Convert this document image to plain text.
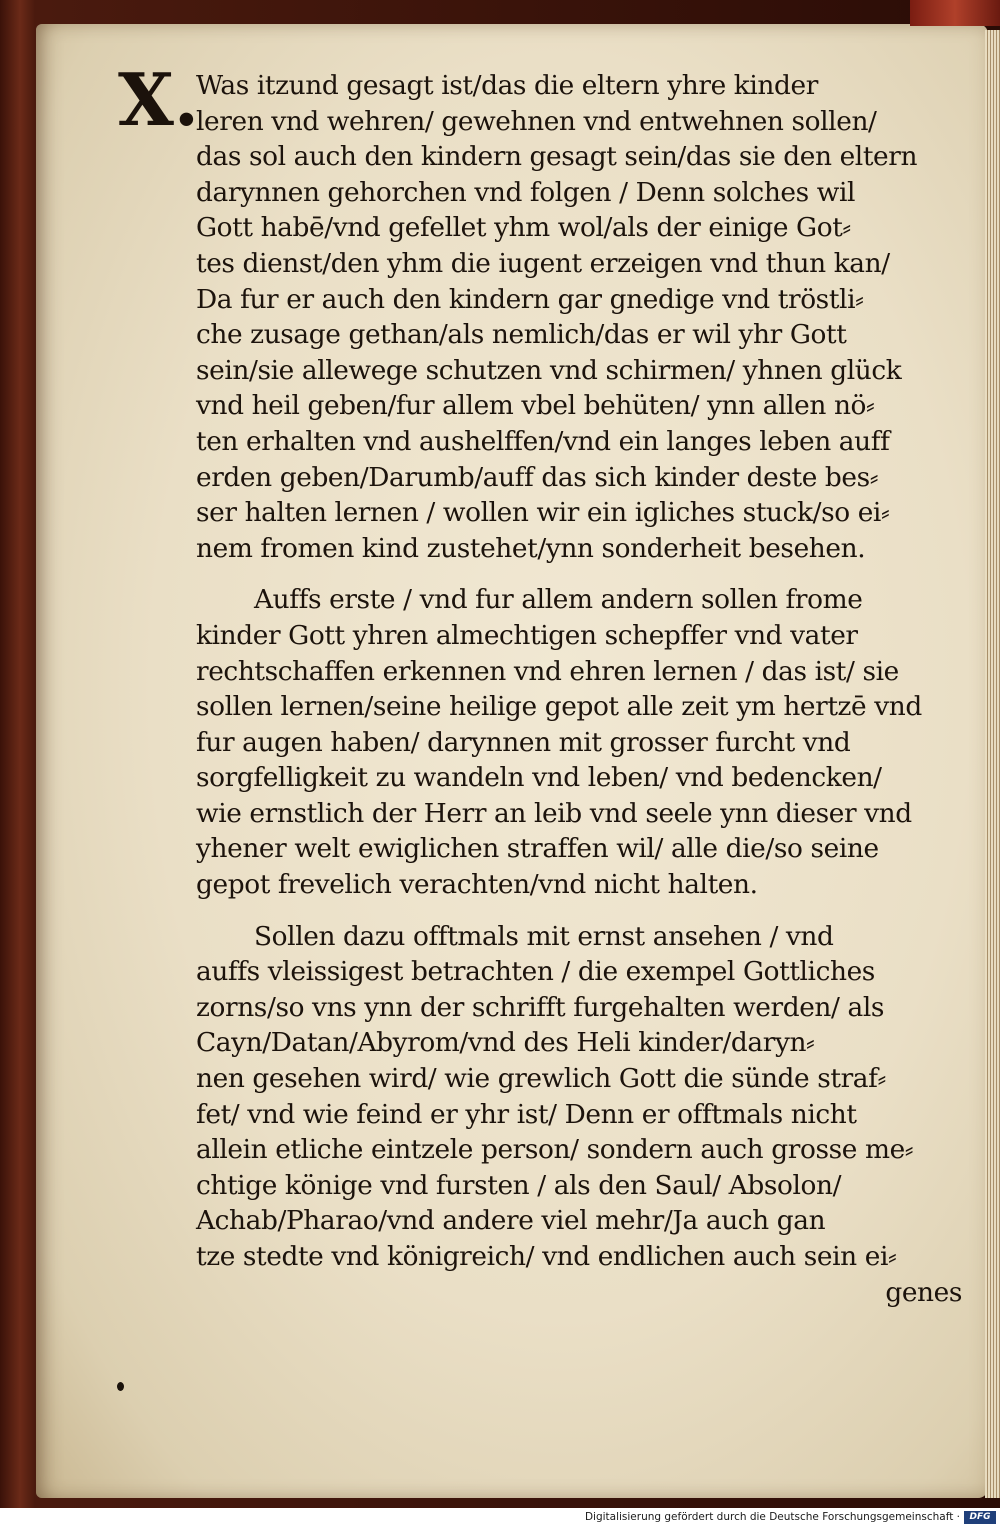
X.
Was itzund gesagt ist/das die eltern yhre kinder
leren vnd wehren/ gewehnen vnd entwehnen sollen/
das sol auch den kindern gesagt sein/das sie den eltern
darynnen gehorchen vnd folgen / Denn solches wil
Gott habē/vnd gefellet yhm wol/als der einige Got⸗
tes dienst/den yhm die iugent erzeigen vnd thun kan/
Da fur er auch den kindern gar gnedige vnd tröstli⸗
che zusage gethan/als nemlich/das er wil yhr Gott
sein/sie allewege schutzen vnd schirmen/ yhnen glück
vnd heil geben/fur allem vbel behüten/ ynn allen nö⸗
ten erhalten vnd aushelffen/vnd ein langes leben auff
erden geben/Darumb/auff das sich kinder deste bes⸗
ser halten lernen / wollen wir ein igliches stuck/so ei⸗
nem fromen kind zustehet/ynn sonderheit besehen.
Auffs erste / vnd fur allem andern sollen frome
kinder Gott yhren almechtigen schepffer vnd vater
rechtschaffen erkennen vnd ehren lernen / das ist/ sie
sollen lernen/seine heilige gepot alle zeit ym hertzē vnd
fur augen haben/ darynnen mit grosser furcht vnd
sorgfelligkeit zu wandeln vnd leben/ vnd bedencken/
wie ernstlich der Herr an leib vnd seele ynn dieser vnd
yhener welt ewiglichen straffen wil/ alle die/so seine
gepot frevelich verachten/vnd nicht halten.
Sollen dazu offtmals mit ernst ansehen / vnd
auffs vleissigest betrachten / die exempel Gottliches
zorns/so vns ynn der schrifft furgehalten werden/ als
Cayn/Datan/Abyrom/vnd des Heli kinder/daryn⸗
nen gesehen wird/ wie grewlich Gott die sünde straf⸗
fet/ vnd wie feind er yhr ist/ Denn er offtmals nicht
allein etliche eintzele person/ sondern auch grosse me⸗
chtige könige vnd fursten / als den Saul/ Absolon/
Achab/Pharao/vnd andere viel mehr/Ja auch gan
tze stedte vnd königreich/ vnd endlichen auch sein ei⸗
genes
Digitalisierung gefördert durch die Deutsche Forschungsgemeinschaft ·	DFG
